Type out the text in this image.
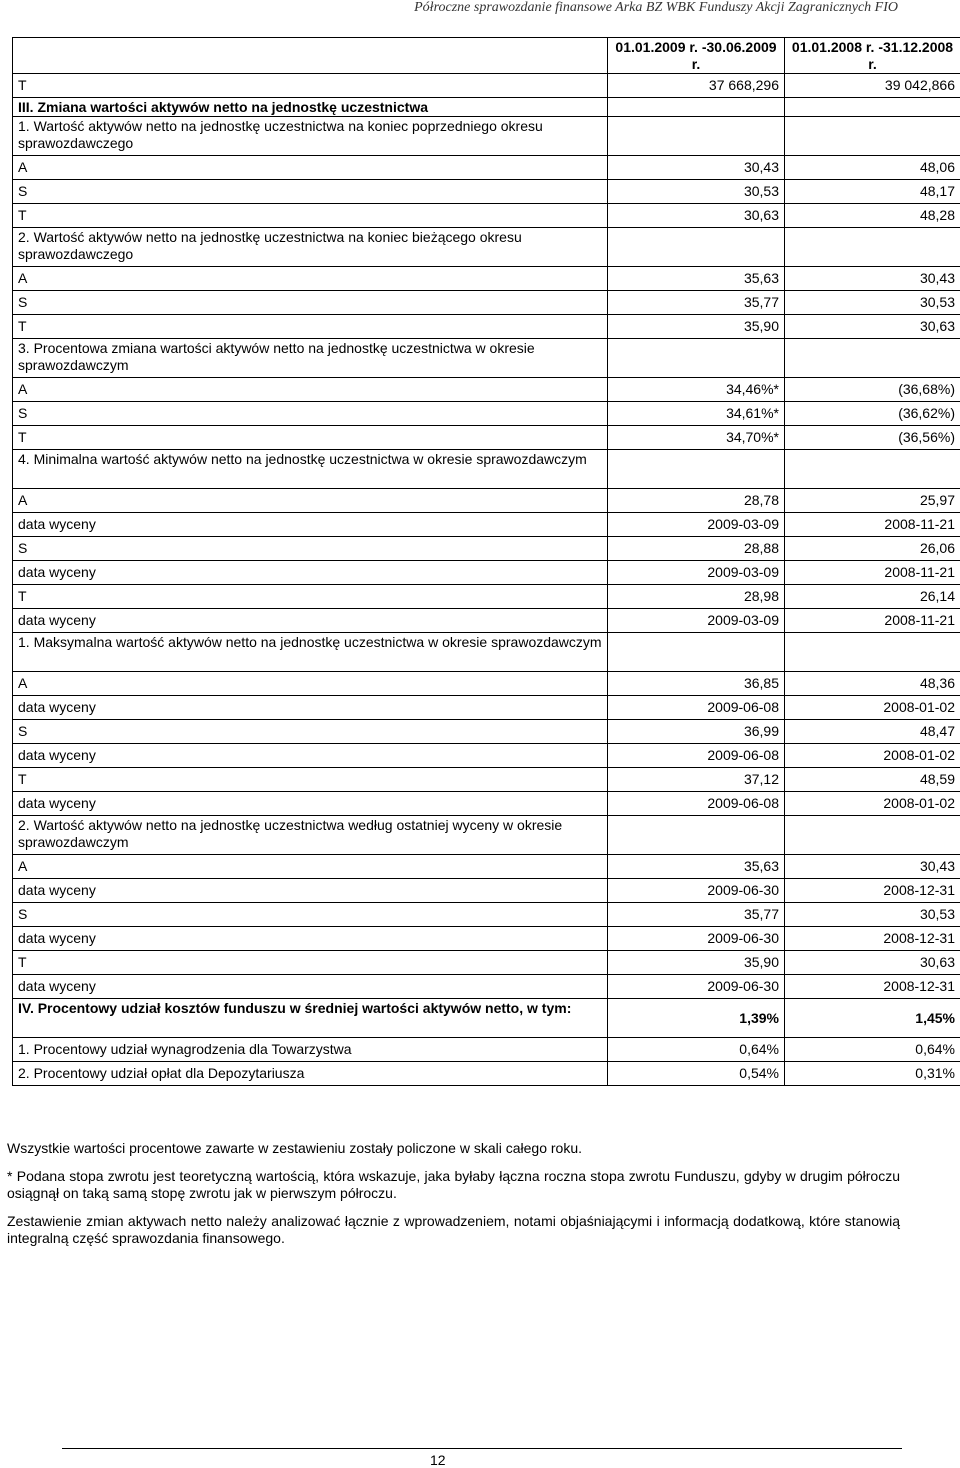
Półroczne sprawozdanie finansowe Arka BZ WBK Funduszy Akcji Zagranicznych FIO
	01.01.2009 r. -30.06.2009 r.	01.01.2008 r. -31.12.2008 r.
T	37 668,296	39 042,866
III. Zmiana wartości aktywów netto na jednostkę uczestnictwa		
1. Wartość aktywów netto na jednostkę uczestnictwa na koniec poprzedniego okresu sprawozdawczego		
A	30,43	48,06
S	30,53	48,17
T	30,63	48,28
2. Wartość aktywów netto na jednostkę uczestnictwa na koniec bieżącego okresu sprawozdawczego		
A	35,63	30,43
S	35,77	30,53
T	35,90	30,63
3. Procentowa zmiana wartości aktywów netto na jednostkę uczestnictwa w okresie sprawozdawczym		
A	34,46%*	(36,68%)
S	34,61%*	(36,62%)
T	34,70%*	(36,56%)
4. Minimalna wartość aktywów netto na jednostkę uczestnictwa w okresie sprawozdawczym		
A	28,78	25,97
data wyceny	2009-03-09	2008-11-21
S	28,88	26,06
data wyceny	2009-03-09	2008-11-21
T	28,98	26,14
data wyceny	2009-03-09	2008-11-21
1. Maksymalna wartość aktywów netto na jednostkę uczestnictwa w okresie sprawozdawczym		
A	36,85	48,36
data wyceny	2009-06-08	2008-01-02
S	36,99	48,47
data wyceny	2009-06-08	2008-01-02
T	37,12	48,59
data wyceny	2009-06-08	2008-01-02
2. Wartość aktywów netto na jednostkę uczestnictwa według ostatniej wyceny w okresie sprawozdawczym		
A	35,63	30,43
data wyceny	2009-06-30	2008-12-31
S	35,77	30,53
data wyceny	2009-06-30	2008-12-31
T	35,90	30,63
data wyceny	2009-06-30	2008-12-31
IV. Procentowy udział kosztów funduszu w średniej wartości aktywów netto, w tym:	1,39%	1,45%
1. Procentowy udział wynagrodzenia dla Towarzystwa	0,64%	0,64%
2. Procentowy udział opłat dla Depozytariusza	0,54%	0,31%

Wszystkie wartości procentowe zawarte w zestawieniu zostały policzone w skali całego roku.

* Podana stopa zwrotu jest teoretyczną wartością, która wskazuje, jaka byłaby łączna roczna stopa zwrotu Funduszu, gdyby w drugim półroczu osiągnął on taką samą stopę zwrotu jak w pierwszym półroczu.

Zestawienie zmian aktywach netto należy analizować łącznie z wprowadzeniem, notami objaśniającymi i informacją dodatkową, które stanowią integralną część sprawozdania finansowego.

12
